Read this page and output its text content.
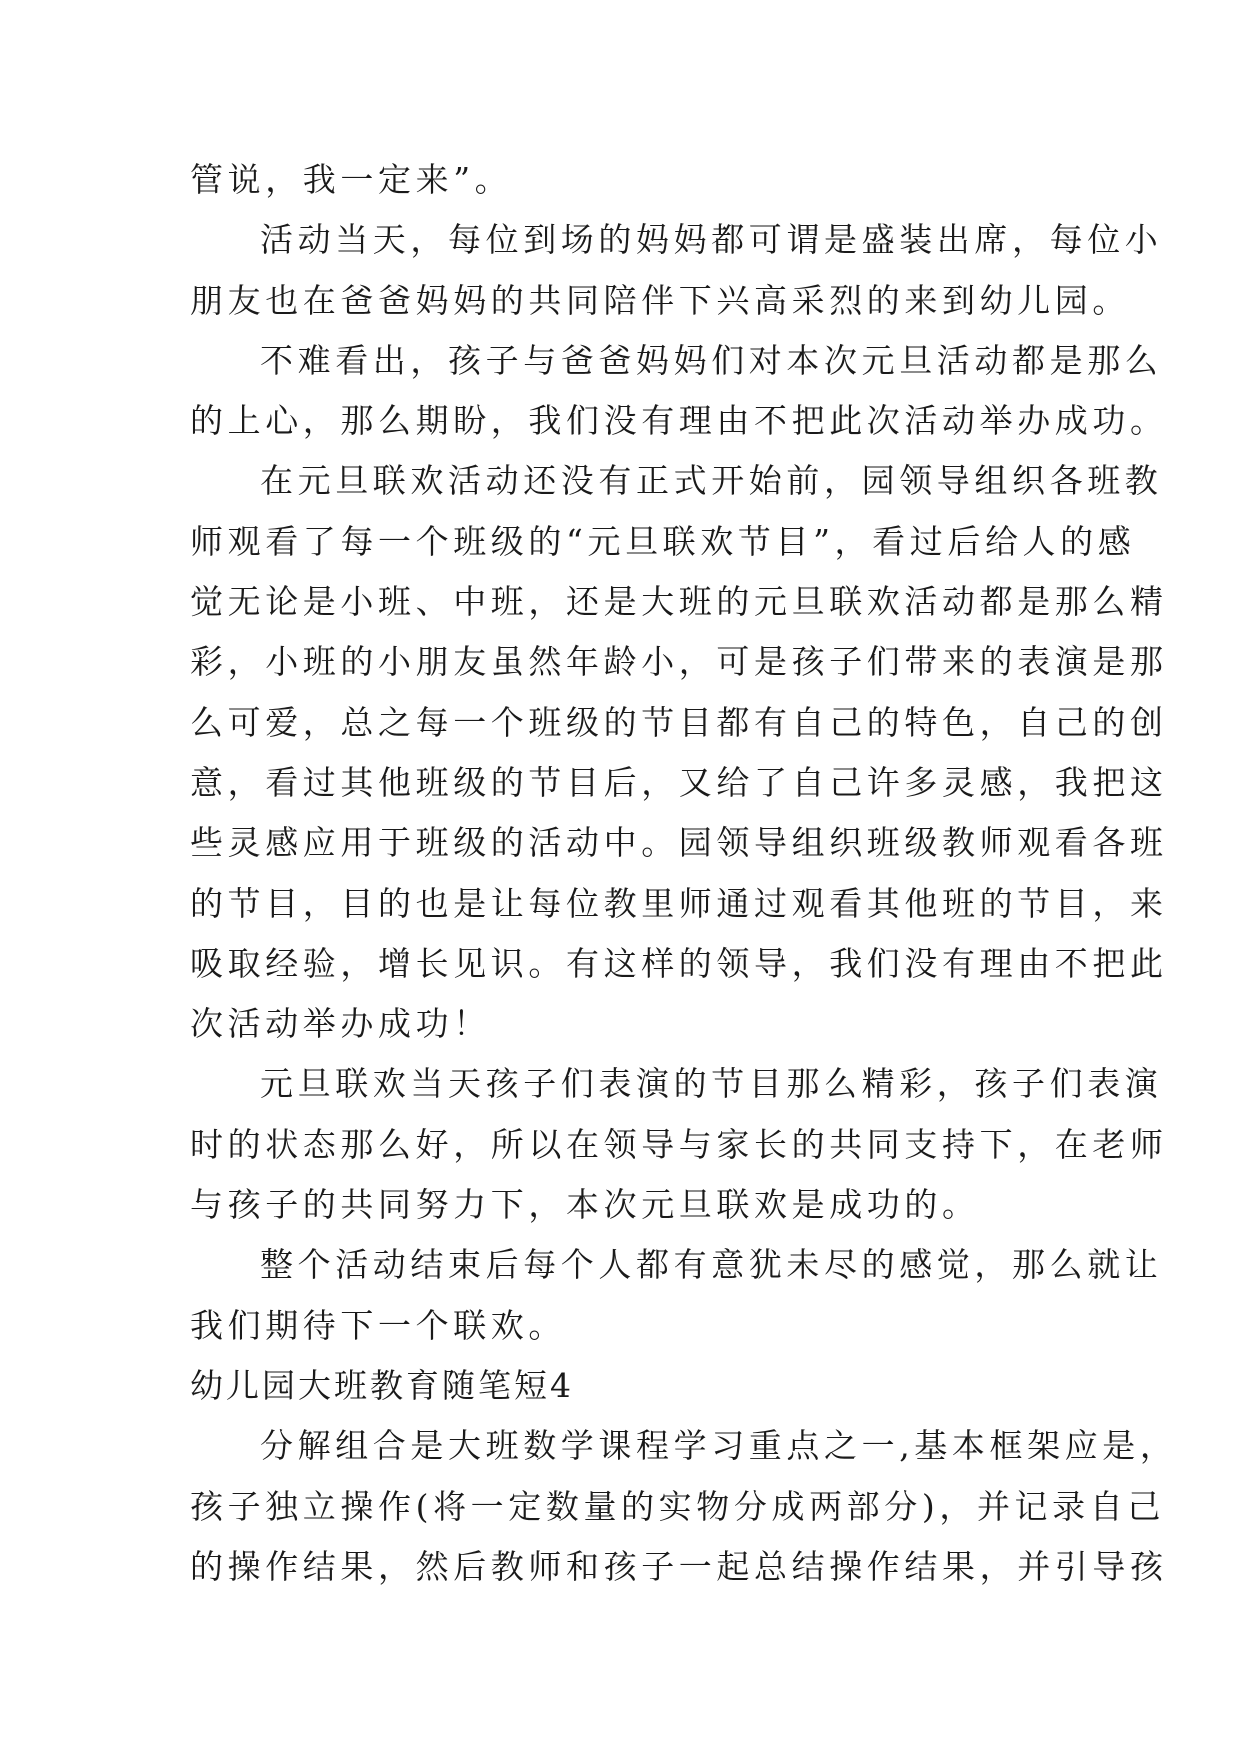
管说，我一定来”。
活动当天，每位到场的妈妈都可谓是盛装出席，每位小
朋友也在爸爸妈妈的共同陪伴下兴高采烈的来到幼儿园。
不难看出，孩子与爸爸妈妈们对本次元旦活动都是那么
的上心，那么期盼，我们没有理由不把此次活动举办成功。
在元旦联欢活动还没有正式开始前，园领导组织各班教
师观看了每一个班级的“元旦联欢节目”，看过后给人的感
觉无论是小班、中班，还是大班的元旦联欢活动都是那么精
彩，小班的小朋友虽然年龄小，可是孩子们带来的表演是那
么可爱，总之每一个班级的节目都有自己的特色，自己的创
意，看过其他班级的节目后，又给了自己许多灵感，我把这
些灵感应用于班级的活动中。园领导组织班级教师观看各班
的节目，目的也是让每位教里师通过观看其他班的节目，来
吸取经验，增长见识。有这样的领导，我们没有理由不把此
次活动举办成功！
元旦联欢当天孩子们表演的节目那么精彩，孩子们表演
时的状态那么好，所以在领导与家长的共同支持下，在老师
与孩子的共同努力下，本次元旦联欢是成功的。
整个活动结束后每个人都有意犹未尽的感觉，那么就让
我们期待下一个联欢。
幼儿园大班教育随笔短4
分解组合是大班数学课程学习重点之一,基本框架应是，
孩子独立操作(将一定数量的实物分成两部分)，并记录自己
的操作结果，然后教师和孩子一起总结操作结果，并引导孩
